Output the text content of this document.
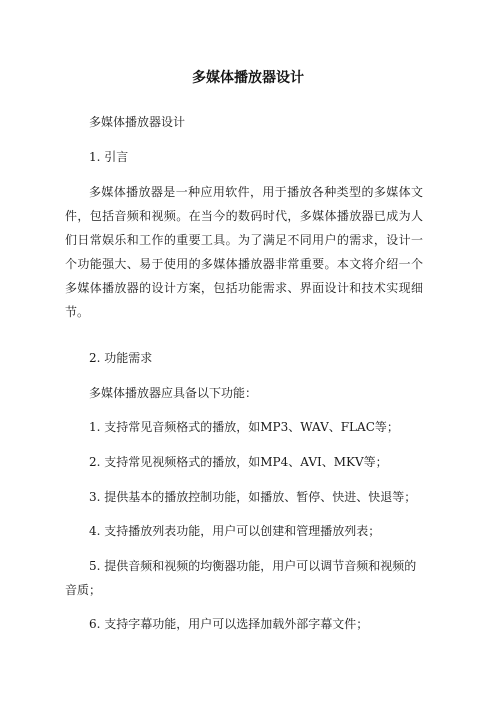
多媒体播放器设计
多媒体播放器设计
1. 引言
多媒体播放器是一种应用软件，用于播放各种类型的多媒体文件，包括音频和视频。在当今的数码时代，多媒体播放器已成为人们日常娱乐和工作的重要工具。为了满足不同用户的需求，设计一个功能强大、易于使用的多媒体播放器非常重要。本文将介绍一个多媒体播放器的设计方案，包括功能需求、界面设计和技术实现细节。
2. 功能需求
多媒体播放器应具备以下功能：
1. 支持常见音频格式的播放，如MP3、WAV、FLAC等；
2. 支持常见视频格式的播放，如MP4、AVI、MKV等；
3. 提供基本的播放控制功能，如播放、暂停、快进、快退等；
4. 支持播放列表功能，用户可以创建和管理播放列表；
5. 提供音频和视频的均衡器功能，用户可以调节音频和视频的音质；
6. 支持字幕功能，用户可以选择加载外部字幕文件；
